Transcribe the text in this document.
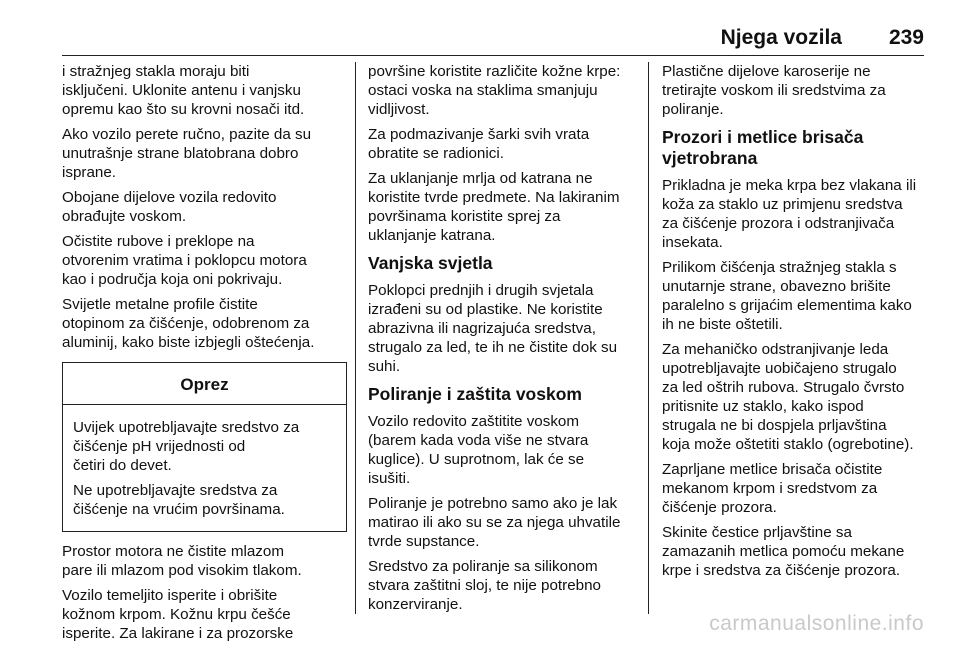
Njega vozila 239

i stražnjeg stakla moraju biti
isključeni. Uklonite antenu i vanjsku
opremu kao što su krovni nosači itd.

Ako vozilo perete ručno, pazite da su
unutrašnje strane blatobrana dobro
isprane.

Obojane dijelove vozila redovito
obrađujte voskom.

Očistite rubove i preklope na
otvorenim vratima i poklopcu motora
kao i područja koja oni pokrivaju.

Svijetle metalne profile čistite
otopinom za čišćenje, odobrenom za
aluminij, kako biste izbjegli oštećenja.

Oprez

Uvijek upotrebljavajte sredstvo za
čišćenje pH vrijednosti od
četiri do devet.

Ne upotrebljavajte sredstva za
čišćenje na vrućim površinama.

Prostor motora ne čistite mlazom
pare ili mlazom pod visokim tlakom.

Vozilo temeljito isperite i obrišite
kožnom krpom. Kožnu krpu češće
isperite. Za lakirane i za prozorske

površine koristite različite kožne krpe:
ostaci voska na staklima smanjuju
vidljivost.

Za podmazivanje šarki svih vrata
obratite se radionici.

Za uklanjanje mrlja od katrana ne
koristite tvrde predmete. Na lakiranim
površinama koristite sprej za
uklanjanje katrana.

Vanjska svjetla

Poklopci prednjih i drugih svjetala
izrađeni su od plastike. Ne koristite
abrazivna ili nagrizajuća sredstva,
strugalo za led, te ih ne čistite dok su
suhi.

Poliranje i zaštita voskom

Vozilo redovito zaštitite voskom
(barem kada voda više ne stvara
kuglice). U suprotnom, lak će se
isušiti.

Poliranje je potrebno samo ako je lak
matirao ili ako su se za njega uhvatile
tvrde supstance.

Sredstvo za poliranje sa silikonom
stvara zaštitni sloj, te nije potrebno
konzerviranje.

Plastične dijelove karoserije ne
tretirajte voskom ili sredstvima za
poliranje.

Prozori i metlice brisača
vjetrobrana

Prikladna je meka krpa bez vlakana ili
koža za staklo uz primjenu sredstva
za čišćenje prozora i odstranjivača
insekata.

Prilikom čišćenja stražnjeg stakla s
unutarnje strane, obavezno brišite
paralelno s grijaćim elementima kako
ih ne biste oštetili.

Za mehaničko odstranjivanje leda
upotrebljavajte uobičajeno strugalo
za led oštrih rubova. Strugalo čvrsto
pritisnite uz staklo, kako ispod
strugala ne bi dospjela prljavština
koja može oštetiti staklo (ogrebotine).

Zaprljane metlice brisača očistite
mekanom krpom i sredstvom za
čišćenje prozora.

Skinite čestice prljavštine sa
zamazanih metlica pomoću mekane
krpe i sredstva za čišćenje prozora.

carmanualsonline.info
